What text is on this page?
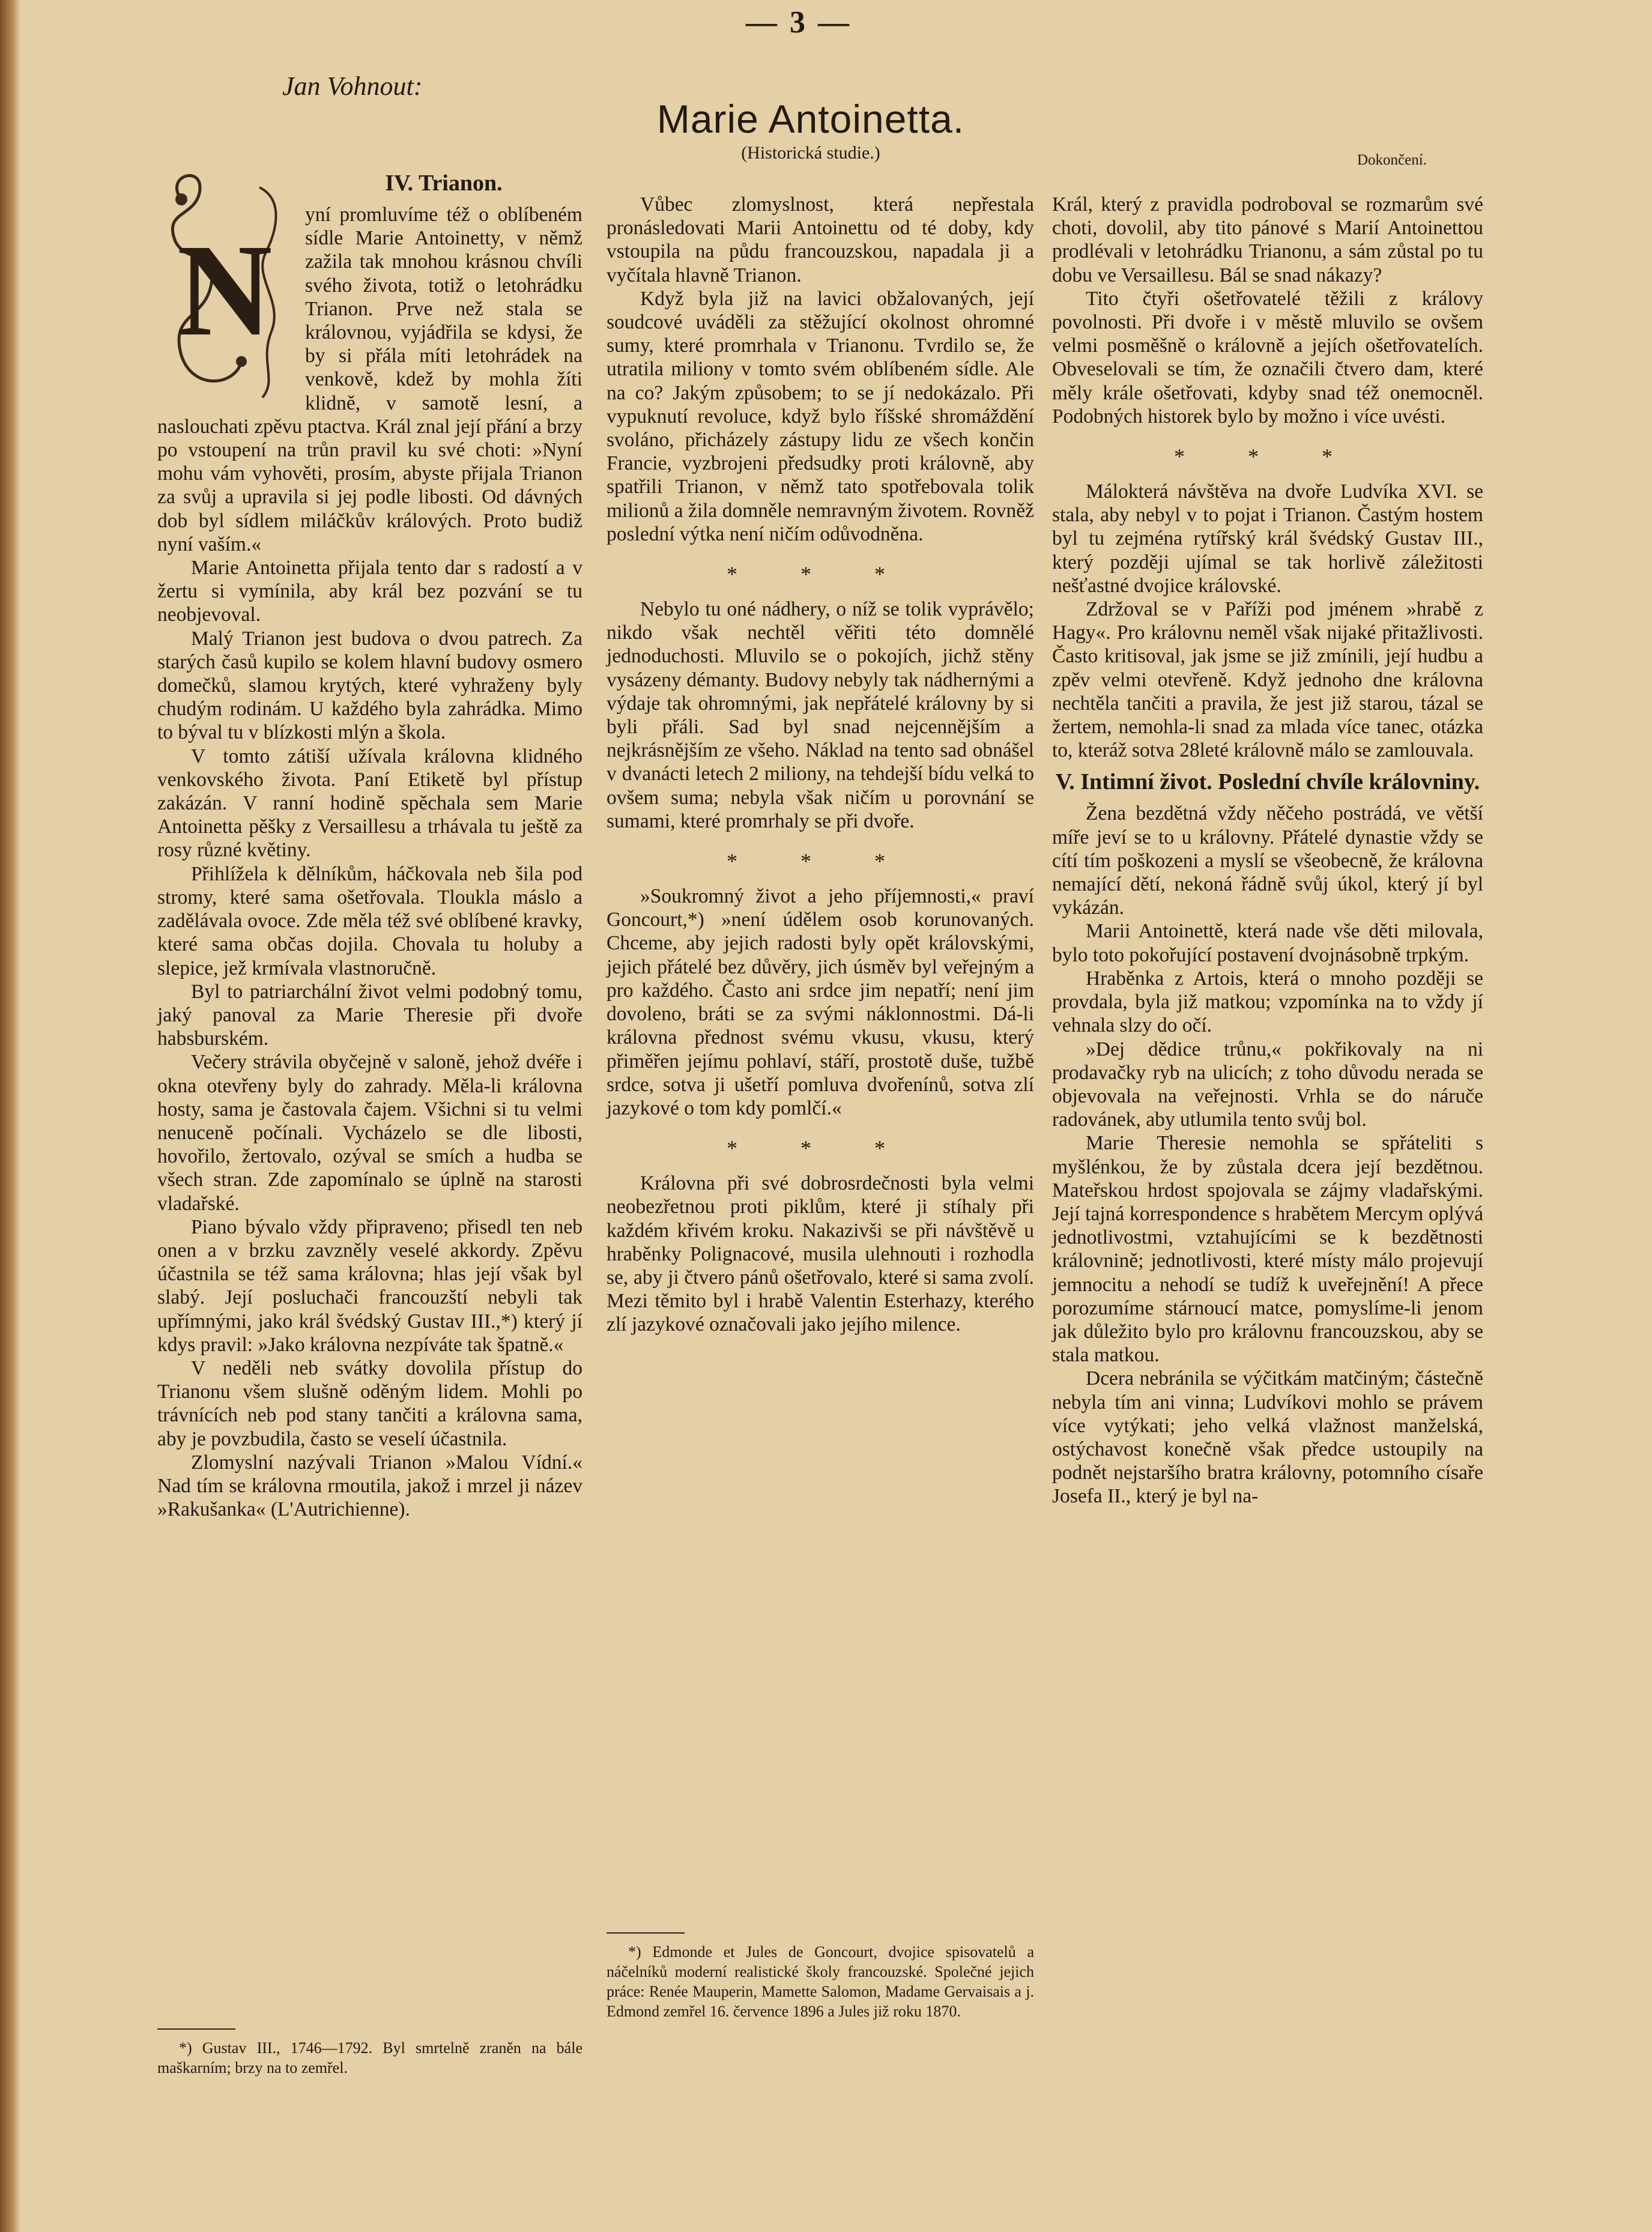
— 3 —
Jan Vohnout:
Marie Antoinetta.
(Historická studie.)	Dokončení.
N
IV. Trianon.

yní promluvíme též o oblíbeném sídle Marie Antoinetty, v němž zažila tak mnohou krásnou chvíli svého života, totiž o letohrádku Trianon. Prve než stala se královnou, vyjádřila se kdysi, že by si přála míti letohrádek na venkově, kdež by mohla žíti klidně, v samotě lesní, a naslouchati zpěvu ptactva. Král znal její přání a brzy po vstoupení na trůn pravil ku své choti: »Nyní mohu vám vyhověti, prosím, abyste přijala Trianon za svůj a upravila si jej podle libosti. Od dávných dob byl sídlem miláčkův králových. Proto budiž nyní vaším.«

Marie Antoinetta přijala tento dar s radostí a v žertu si vymínila, aby král bez pozvání se tu neobjevoval.

Malý Trianon jest budova o dvou patrech. Za starých časů kupilo se kolem hlavní budovy osmero domečků, slamou krytých, které vyhraženy byly chudým rodinám. U každého byla zahrádka. Mimo to býval tu v blízkosti mlýn a škola.

V tomto zátiší užívala královna klidného venkovského života. Paní Etiketě byl přístup zakázán. V ranní hodině spěchala sem Marie Antoinetta pěšky z Versaillesu a trhávala tu ještě za rosy různé květiny.

Přihlížela k dělníkům, háčkovala neb šila pod stromy, které sama ošetřovala. Tloukla máslo a zadělávala ovoce. Zde měla též své oblíbené kravky, které sama občas dojila. Chovala tu holuby a slepice, jež krmívala vlastnoručně.

Byl to patriarchální život velmi podobný tomu, jaký panoval za Marie Theresie při dvoře habsburském.

Večery strávila obyčejně v saloně, jehož dvéře i okna otevřeny byly do zahrady. Měla-li královna hosty, sama je častovala čajem. Všichni si tu velmi nenuceně počínali. Vycházelo se dle libosti, hovořilo, žertovalo, ozýval se smích a hudba se všech stran. Zde zapomínalo se úplně na starosti vladařské.

Piano bývalo vždy připraveno; přisedl ten neb onen a v brzku zavzněly veselé akkordy. Zpěvu účastnila se též sama královna; hlas její však byl slabý. Její posluchači francouzští nebyli tak upřímnými, jako král švédský Gustav III.,*) který jí kdys pravil: »Jako královna nezpíváte tak špatně.«

V neděli neb svátky dovolila přístup do Trianonu všem slušně oděným lidem. Mohli po trávnících neb pod stany tančiti a královna sama, aby je povzbudila, často se veselí účastnila.

Zlomyslní nazývali Trianon »Malou Vídní.« Nad tím se královna rmoutila, jakož i mrzel ji název »Rakušanka« (L'Autrichienne).

*) Gustav III., 1746—1792. Byl smrtelně zraněn na bále maškarním; brzy na to zemřel.

Vůbec zlomyslnost, která nepřestala pronásledovati Marii Antoinettu od té doby, kdy vstoupila na půdu francouzskou, napadala ji a vyčítala hlavně Trianon.

Když byla již na lavici obžalovaných, její soudcové uváděli za stěžující okolnost ohromné sumy, které promrhala v Trianonu. Tvrdilo se, že utratila miliony v tomto svém oblíbeném sídle. Ale na co? Jakým způsobem; to se jí nedokázalo. Při vypuknutí revoluce, když bylo říšské shromáždění svoláno, přicházely zástupy lidu ze všech končin Francie, vyzbrojeni předsudky proti královně, aby spatřili Trianon, v němž tato spotřebovala tolik milionů a žila domněle nemravným životem. Rovněž poslední výtka není ničím odůvodněna.

* * *

Nebylo tu oné nádhery, o níž se tolik vyprávělo; nikdo však nechtěl věřiti této domnělé jednoduchosti. Mluvilo se o pokojích, jichž stěny vysázeny démanty. Budovy nebyly tak nádhernými a výdaje tak ohromnými, jak nepřátelé královny by si byli přáli. Sad byl snad nejcennějším a nejkrásnějším ze všeho. Náklad na tento sad obnášel v dvanácti letech 2 miliony, na tehdejší bídu velká to ovšem suma; nebyla však ničím u porovnání se sumami, které promrhaly se při dvoře.

* * *

»Soukromný život a jeho příjemnosti,« praví Goncourt,*) »není údělem osob korunovaných. Chceme, aby jejich radosti byly opět královskými, jejich přátelé bez důvěry, jich úsměv byl veřejným a pro každého. Často ani srdce jim nepatří; není jim dovoleno, bráti se za svými náklonnostmi. Dá-li královna přednost svému vkusu, vkusu, který přiměřen jejímu pohlaví, stáří, prostotě duše, tužbě srdce, sotva ji ušetří pomluva dvořenínů, sotva zlí jazykové o tom kdy pomlčí.«

* * *

Královna při své dobrosrdečnosti byla velmi neobezřetnou proti piklům, které ji stíhaly při každém křivém kroku. Nakazivši se při návštěvě u hraběnky Polignacové, musila ulehnouti i rozhodla se, aby ji čtvero pánů ošetřovalo, které si sama zvolí. Mezi těmito byl i hrabě Valentin Esterhazy, kterého zlí jazykové označovali jako jejího milence.

*) Edmonde et Jules de Goncourt, dvojice spisovatelů a náčelníků moderní realistické školy francouzské. Společné jejich práce: Renée Mauperin, Mamette Salomon, Madame Gervaisais a j. Edmond zemřel 16. července 1896 a Jules již roku 1870.

Král, který z pravidla podroboval se rozmarům své choti, dovolil, aby tito pánové s Marií Antoinettou prodlévali v letohrádku Trianonu, a sám zůstal po tu dobu ve Versaillesu. Bál se snad nákazy?

Tito čtyři ošetřovatelé těžili z královy povolnosti. Při dvoře i v městě mluvilo se ovšem velmi posměšně o královně a jejích ošetřovatelích. Obveselovali se tím, že označili čtvero dam, které měly krále ošetřovati, kdyby snad též onemocněl. Podobných historek bylo by možno i více uvésti.

* * *

Málokterá návštěva na dvoře Ludvíka XVI. se stala, aby nebyl v to pojat i Trianon. Častým hostem byl tu zejména rytířský král švédský Gustav III., který později ujímal se tak horlivě záležitosti nešťastné dvojice královské.

Zdržoval se v Paříži pod jménem »hrabě z Hagy«. Pro královnu neměl však nijaké přitažlivosti. Často kritisoval, jak jsme se již zmínili, její hudbu a zpěv velmi otevřeně. Když jednoho dne královna nechtěla tančiti a pravila, že jest již starou, tázal se žertem, nemohla-li snad za mlada více tanec, otázka to, kteráž sotva 28leté královně málo se zamlouvala.

V. Intimní život. Poslední chvíle královniny.

Žena bezdětná vždy něčeho postrádá, ve větší míře jeví se to u královny. Přátelé dynastie vždy se cítí tím poškozeni a myslí se všeobecně, že královna nemající dětí, nekoná řádně svůj úkol, který jí byl vykázán.

Marii Antoinettě, která nade vše děti milovala, bylo toto pokořující postavení dvojnásobně trpkým.

Hraběnka z Artois, která o mnoho později se provdala, byla již matkou; vzpomínka na to vždy jí vehnala slzy do očí.

»Dej dědice trůnu,« pokřikovaly na ni prodavačky ryb na ulicích; z toho důvodu nerada se objevovala na veřejnosti. Vrhla se do náruče radovánek, aby utlumila tento svůj bol.

Marie Theresie nemohla se spřáteliti s myšlénkou, že by zůstala dcera její bezdětnou. Mateřskou hrdost spojovala se zájmy vladařskými. Její tajná korrespondence s hrabětem Mercym oplývá jednotlivostmi, vztahujícími se k bezdětnosti královnině; jednotlivosti, které místy málo projevují jemnocitu a nehodí se tudíž k uveřejnění! A přece porozumíme stárnoucí matce, pomyslíme-li jenom jak důležito bylo pro královnu francouzskou, aby se stala matkou.

Dcera nebránila se výčitkám matčiným; částečně nebyla tím ani vinna; Ludvíkovi mohlo se právem více vytýkati; jeho velká vlažnost manželská, ostýchavost konečně však předce ustoupily na podnět nejstaršího bratra královny, potomního císaře Josefa II., který je byl na-
